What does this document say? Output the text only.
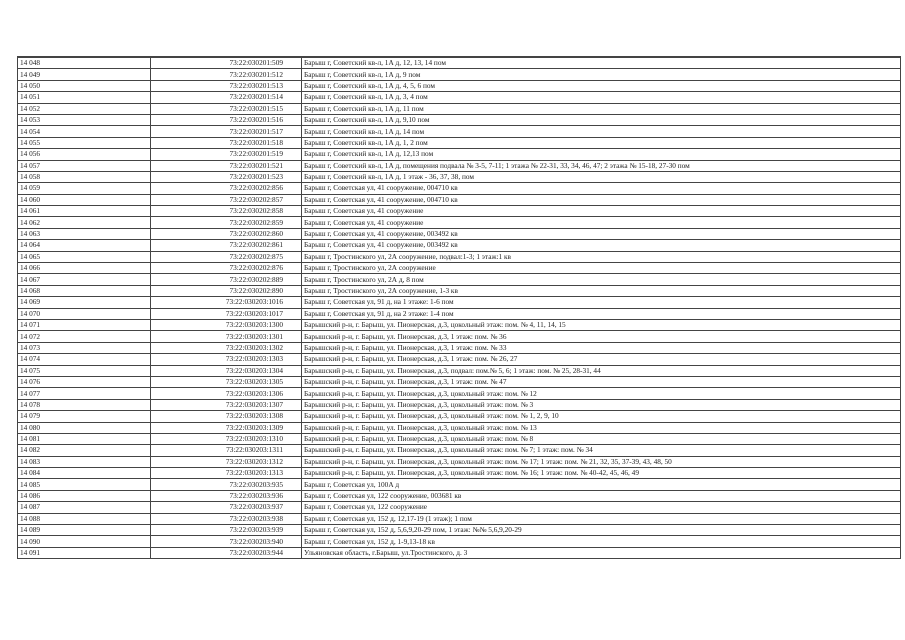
14 048	73:22:030201:509	Барыш г, Советский кв-л, 1А д, 12, 13, 14 пом
14 049	73:22:030201:512	Барыш г, Советский кв-л, 1А д, 9 пом
14 050	73:22:030201:513	Барыш г, Советский кв-л, 1А д, 4, 5, 6 пом
14 051	73:22:030201:514	Барыш г, Советский кв-л, 1А д, 3, 4 пом
14 052	73:22:030201:515	Барыш г, Советский кв-л, 1А д, 11 пом
14 053	73:22:030201:516	Барыш г, Советский кв-л, 1А д, 9,10 пом
14 054	73:22:030201:517	Барыш г, Советский кв-л, 1А д, 14 пом
14 055	73:22:030201:518	Барыш г, Советский кв-л, 1А д, 1, 2 пом
14 056	73:22:030201:519	Барыш г, Советский кв-л, 1А д, 12,13 пом
14 057	73:22:030201:521	Барыш г, Советский кв-л, 1А д, помещения подвала № 3-5, 7-11; 1 этажа № 22-31, 33, 34, 46, 47; 2 этажа № 15-18, 27-30 пом
14 058	73:22:030201:523	Барыш г, Советский кв-л, 1А д, 1 этаж - 36, 37, 38, пом
14 059	73:22:030202:856	Барыш г, Советская ул, 41 сооружение, 004710 кв
14 060	73:22:030202:857	Барыш г, Советская ул, 41 сооружение, 004710 кв
14 061	73:22:030202:858	Барыш г, Советская ул, 41 сооружение
14 062	73:22:030202:859	Барыш г, Советская ул, 41 сооружение
14 063	73:22:030202:860	Барыш г, Советская ул, 41 сооружение, 003492 кв
14 064	73:22:030202:861	Барыш г, Советская ул, 41 сооружение, 003492 кв
14 065	73:22:030202:875	Барыш г, Тростинского ул, 2А сооружение, подвал:1-3; 1 этаж:1 кв
14 066	73:22:030202:876	Барыш г, Тростинского ул, 2А сооружение
14 067	73:22:030202:889	Барыш г, Тростинского ул, 2А д, 8 пом
14 068	73:22:030202:890	Барыш г, Тростинского ул, 2А сооружение, 1-3 кв
14 069	73:22:030203:1016	Барыш г, Советская ул, 91 д, на 1 этаже: 1-6 пом
14 070	73:22:030203:1017	Барыш г, Советская ул, 91 д, на 2 этаже: 1-4 пом
14 071	73:22:030203:1300	Барышский р-н, г. Барыш, ул. Пионерская, д.3, цокольный этаж: пом. № 4, 11, 14, 15
14 072	73:22:030203:1301	Барышский р-н, г. Барыш, ул. Пионерская, д.3, 1 этаж: пом. № 36
14 073	73:22:030203:1302	Барышский р-н, г. Барыш, ул. Пионерская, д.3, 1 этаж: пом. № 33
14 074	73:22:030203:1303	Барышский р-н, г. Барыш, ул. Пионерская, д.3, 1 этаж: пом. № 26, 27
14 075	73:22:030203:1304	Барышский р-н, г. Барыш, ул. Пионерская, д.3, подвал: пом.№ 5, 6; 1 этаж: пом. № 25, 28-31, 44
14 076	73:22:030203:1305	Барышский р-н, г. Барыш, ул. Пионерская, д.3, 1 этаж: пом. № 47
14 077	73:22:030203:1306	Барышский р-н, г. Барыш, ул. Пионерская, д.3, цокольный этаж: пом. № 12
14 078	73:22:030203:1307	Барышский р-н, г. Барыш, ул. Пионерская, д.3, цокольный этаж: пом. № 3
14 079	73:22:030203:1308	Барышский р-н, г. Барыш, ул. Пионерская, д.3, цокольный этаж: пом. № 1, 2, 9, 10
14 080	73:22:030203:1309	Барышский р-н, г. Барыш, ул. Пионерская, д.3, цокольный этаж: пом. № 13
14 081	73:22:030203:1310	Барышский р-н, г. Барыш, ул. Пионерская, д.3, цокольный этаж: пом. № 8
14 082	73:22:030203:1311	Барышский р-н, г. Барыш, ул. Пионерская, д.3, цокольный этаж: пом. № 7; 1 этаж: пом. № 34
14 083	73:22:030203:1312	Барышский р-н, г. Барыш, ул. Пионерская, д.3, цокольный этаж: пом. № 17; 1 этаж: пом. № 21, 32, 35, 37-39, 43, 48, 50
14 084	73:22:030203:1313	Барышский р-н, г. Барыш, ул. Пионерская, д.3, цокольный этаж: пом. № 16; 1 этаж: пом. № 40-42, 45, 46, 49
14 085	73:22:030203:935	Барыш г, Советская ул, 100А д
14 086	73:22:030203:936	Барыш г, Советская ул, 122 сооружение, 003681 кв
14 087	73:22:030203:937	Барыш г, Советская ул, 122 сооружение
14 088	73:22:030203:938	Барыш г, Советская ул, 152 д, 12,17-19 (1 этаж); 1 пом
14 089	73:22:030203:939	Барыш г, Советская ул, 152 д, 5,6,9,20-29 пом, 1 этаж: №№ 5,6,9,20-29
14 090	73:22:030203:940	Барыш г, Советская ул, 152 д, 1-9,13-18 кв
14 091	73:22:030203:944	Ульяновская область, г.Барыш, ул.Тростинского, д. 3
